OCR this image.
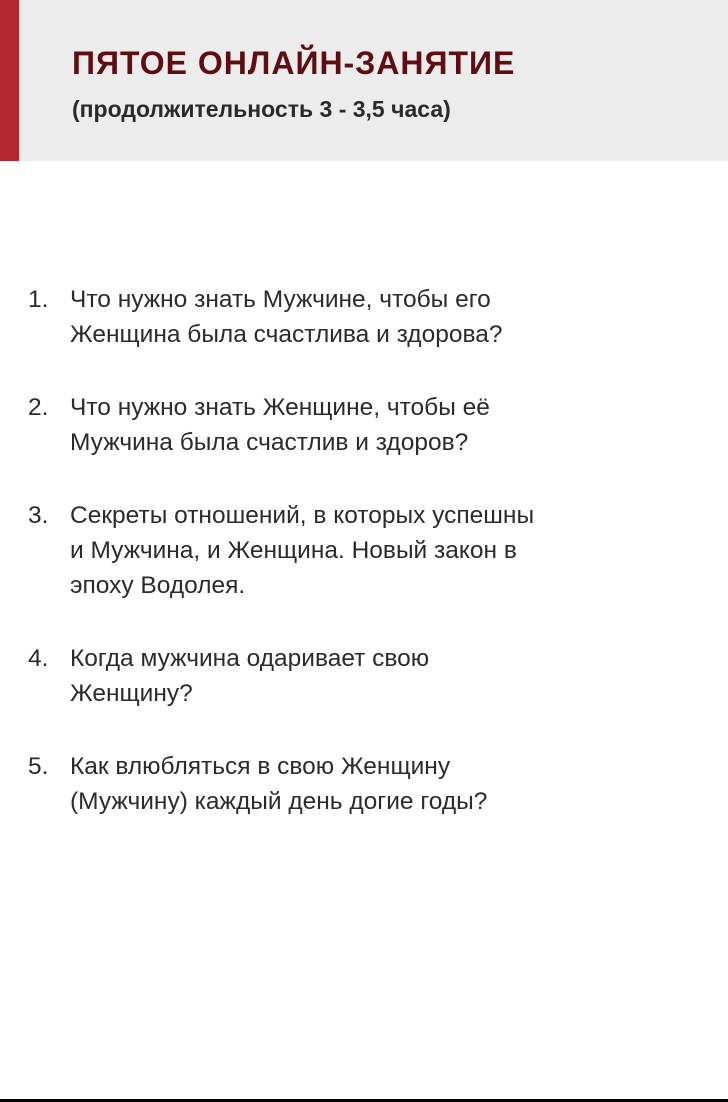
ПЯТОЕ ОНЛАЙН-ЗАНЯТИЕ

(продолжительность 3 - 3,5 часа)

1. Что нужно знать Мужчине, чтобы его
Женщина была счастлива и здорова?
2. Что нужно знать Женщине, чтобы её
Мужчина была счастлив и здоров?
3. Секреты отношений, в которых успешны
и Мужчина, и Женщина. Новый закон в
эпоху Водолея.
4. Когда мужчина одаривает свою
Женщину?
5. Как влюбляться в свою Женщину
(Мужчину) каждый день догие годы?
